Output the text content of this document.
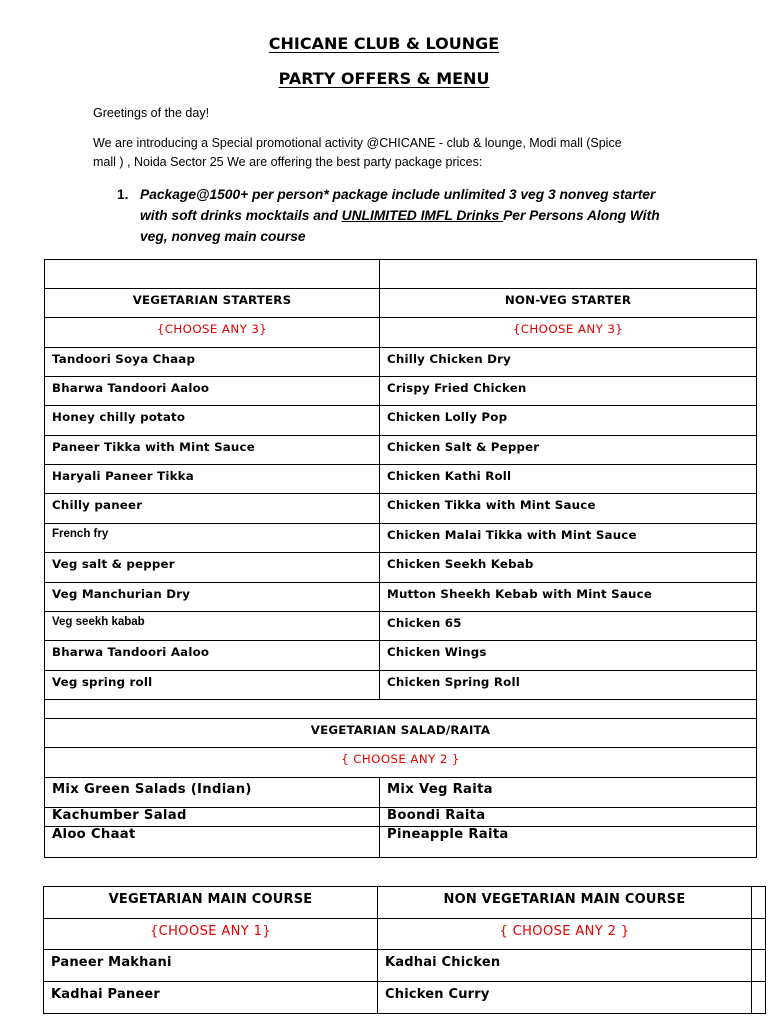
CHICANE CLUB & LOUNGE
PARTY OFFERS & MENU
Greetings of the day!
We are introducing a Special promotional activity @CHICANE - club & lounge, Modi mall (Spice
mall ) , Noida Sector 25 We are offering the best party package prices:
1. Package@1500+ per person* package include unlimited 3 veg 3 nonveg starter
with soft drinks mocktails and UNLIMITED IMFL Drinks Per Persons Along With
veg, nonveg main course

VEGETARIAN STARTERS	NON-VEG STARTER
{CHOOSE ANY 3}	{CHOOSE ANY 3}
Tandoori Soya Chaap	Chilly Chicken Dry
Bharwa Tandoori Aaloo	Crispy Fried Chicken
Honey chilly potato	Chicken Lolly Pop
Paneer Tikka with Mint Sauce	Chicken Salt & Pepper
Haryali Paneer Tikka	Chicken Kathi Roll
Chilly paneer	Chicken Tikka with Mint Sauce
French fry	Chicken Malai Tikka with Mint Sauce
Veg salt & pepper	Chicken Seekh Kebab
Veg Manchurian Dry	Mutton Sheekh Kebab with Mint Sauce
Veg seekh kabab	Chicken 65
Bharwa Tandoori Aaloo	Chicken Wings
Veg spring roll	Chicken Spring Roll

VEGETARIAN SALAD/RAITA	
{ CHOOSE ANY 2 }	
Mix Green Salads (Indian)	Mix Veg Raita
Kachumber Salad	Boondi Raita
Aloo Chaat	Pineapple Raita
VEGETARIAN MAIN COURSE	NON VEGETARIAN MAIN COURSE	
{CHOOSE ANY 1}	{ CHOOSE ANY 2 }	
Paneer Makhani	Kadhai Chicken	
Kadhai Paneer	Chicken Curry	
